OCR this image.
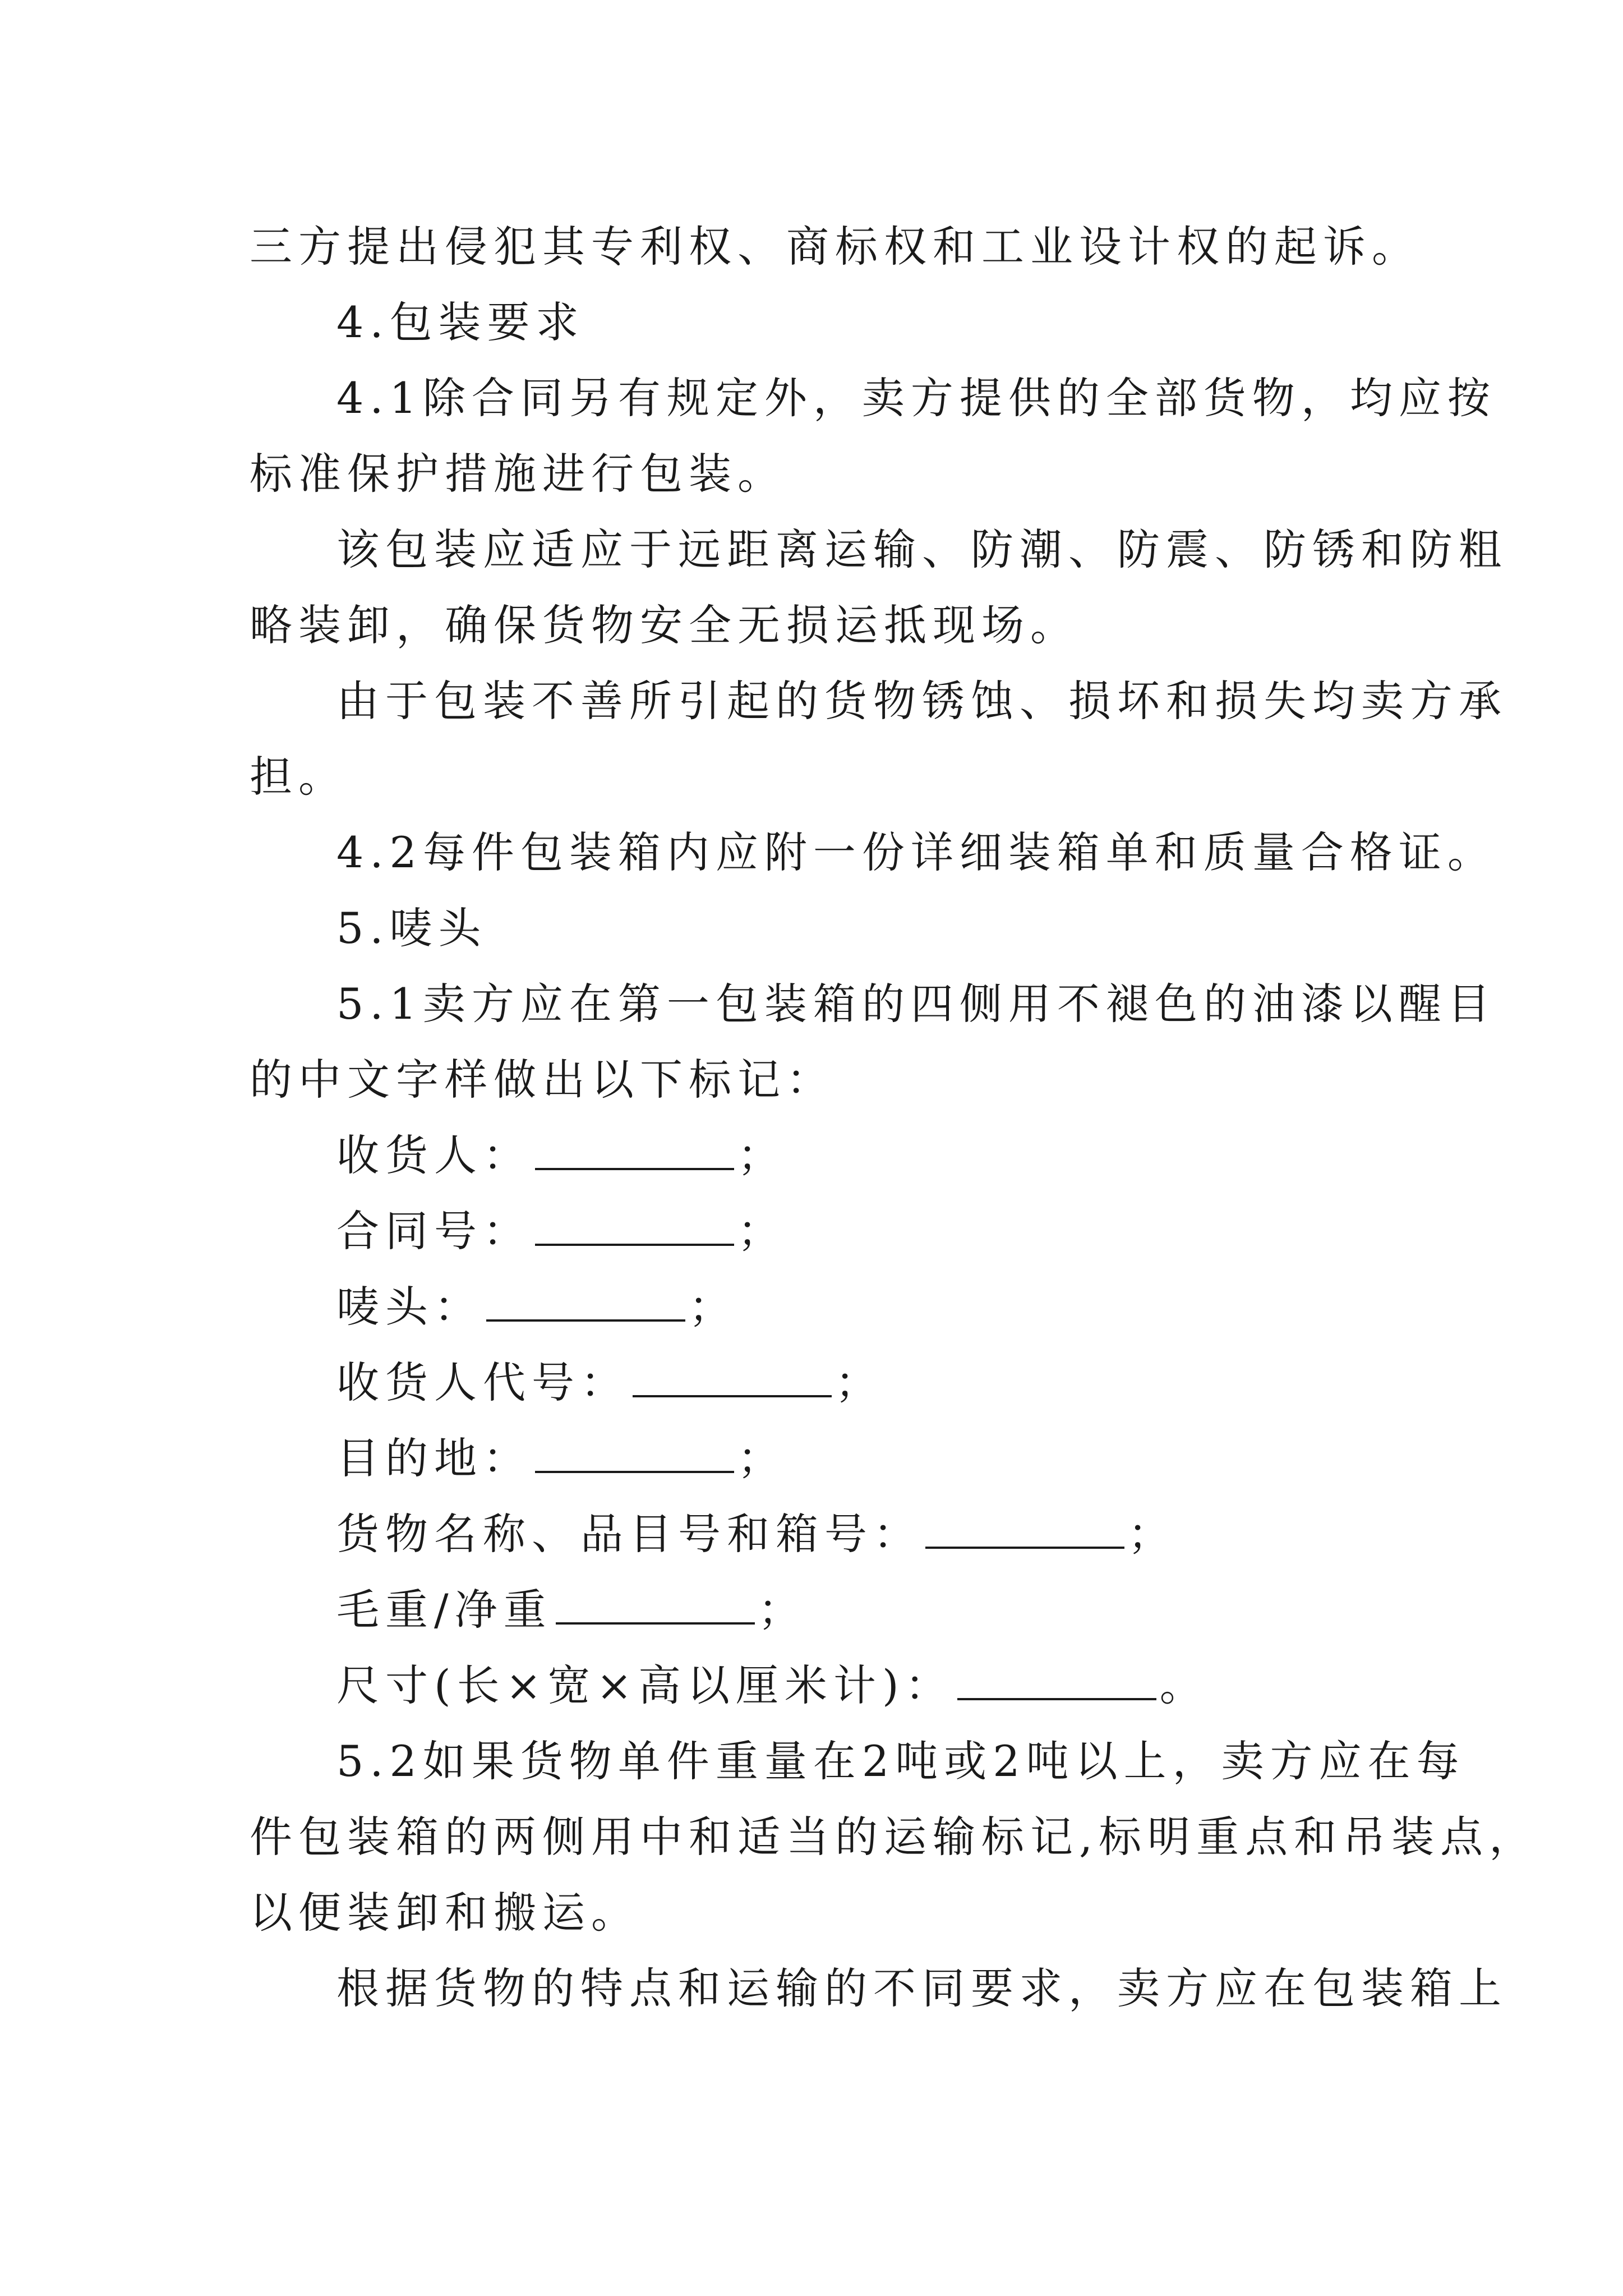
三方提出侵犯其专利权、商标权和工业设计权的起诉。
4.包装要求
4.1除合同另有规定外，卖方提供的全部货物，均应按
标准保护措施进行包装。
该包装应适应于远距离运输、防潮、防震、防锈和防粗
略装卸，确保货物安全无损运抵现场。
由于包装不善所引起的货物锈蚀、损坏和损失均卖方承
担。
4.2每件包装箱内应附一份详细装箱单和质量合格证。
5.唛头
5.1卖方应在第一包装箱的四侧用不褪色的油漆以醒目
的中文字样做出以下标记：
收货人：	；
合同号：	；
唛头：	；
收货人代号：	；
目的地：	；
货物名称、品目号和箱号：	；
毛重/净重	；
尺寸(长×宽×高以厘米计)：	。
5.2如果货物单件重量在2吨或2吨以上，卖方应在每
件包装箱的两侧用中和适当的运输标记,标明重点和吊装点，
以便装卸和搬运。
根据货物的特点和运输的不同要求，卖方应在包装箱上
